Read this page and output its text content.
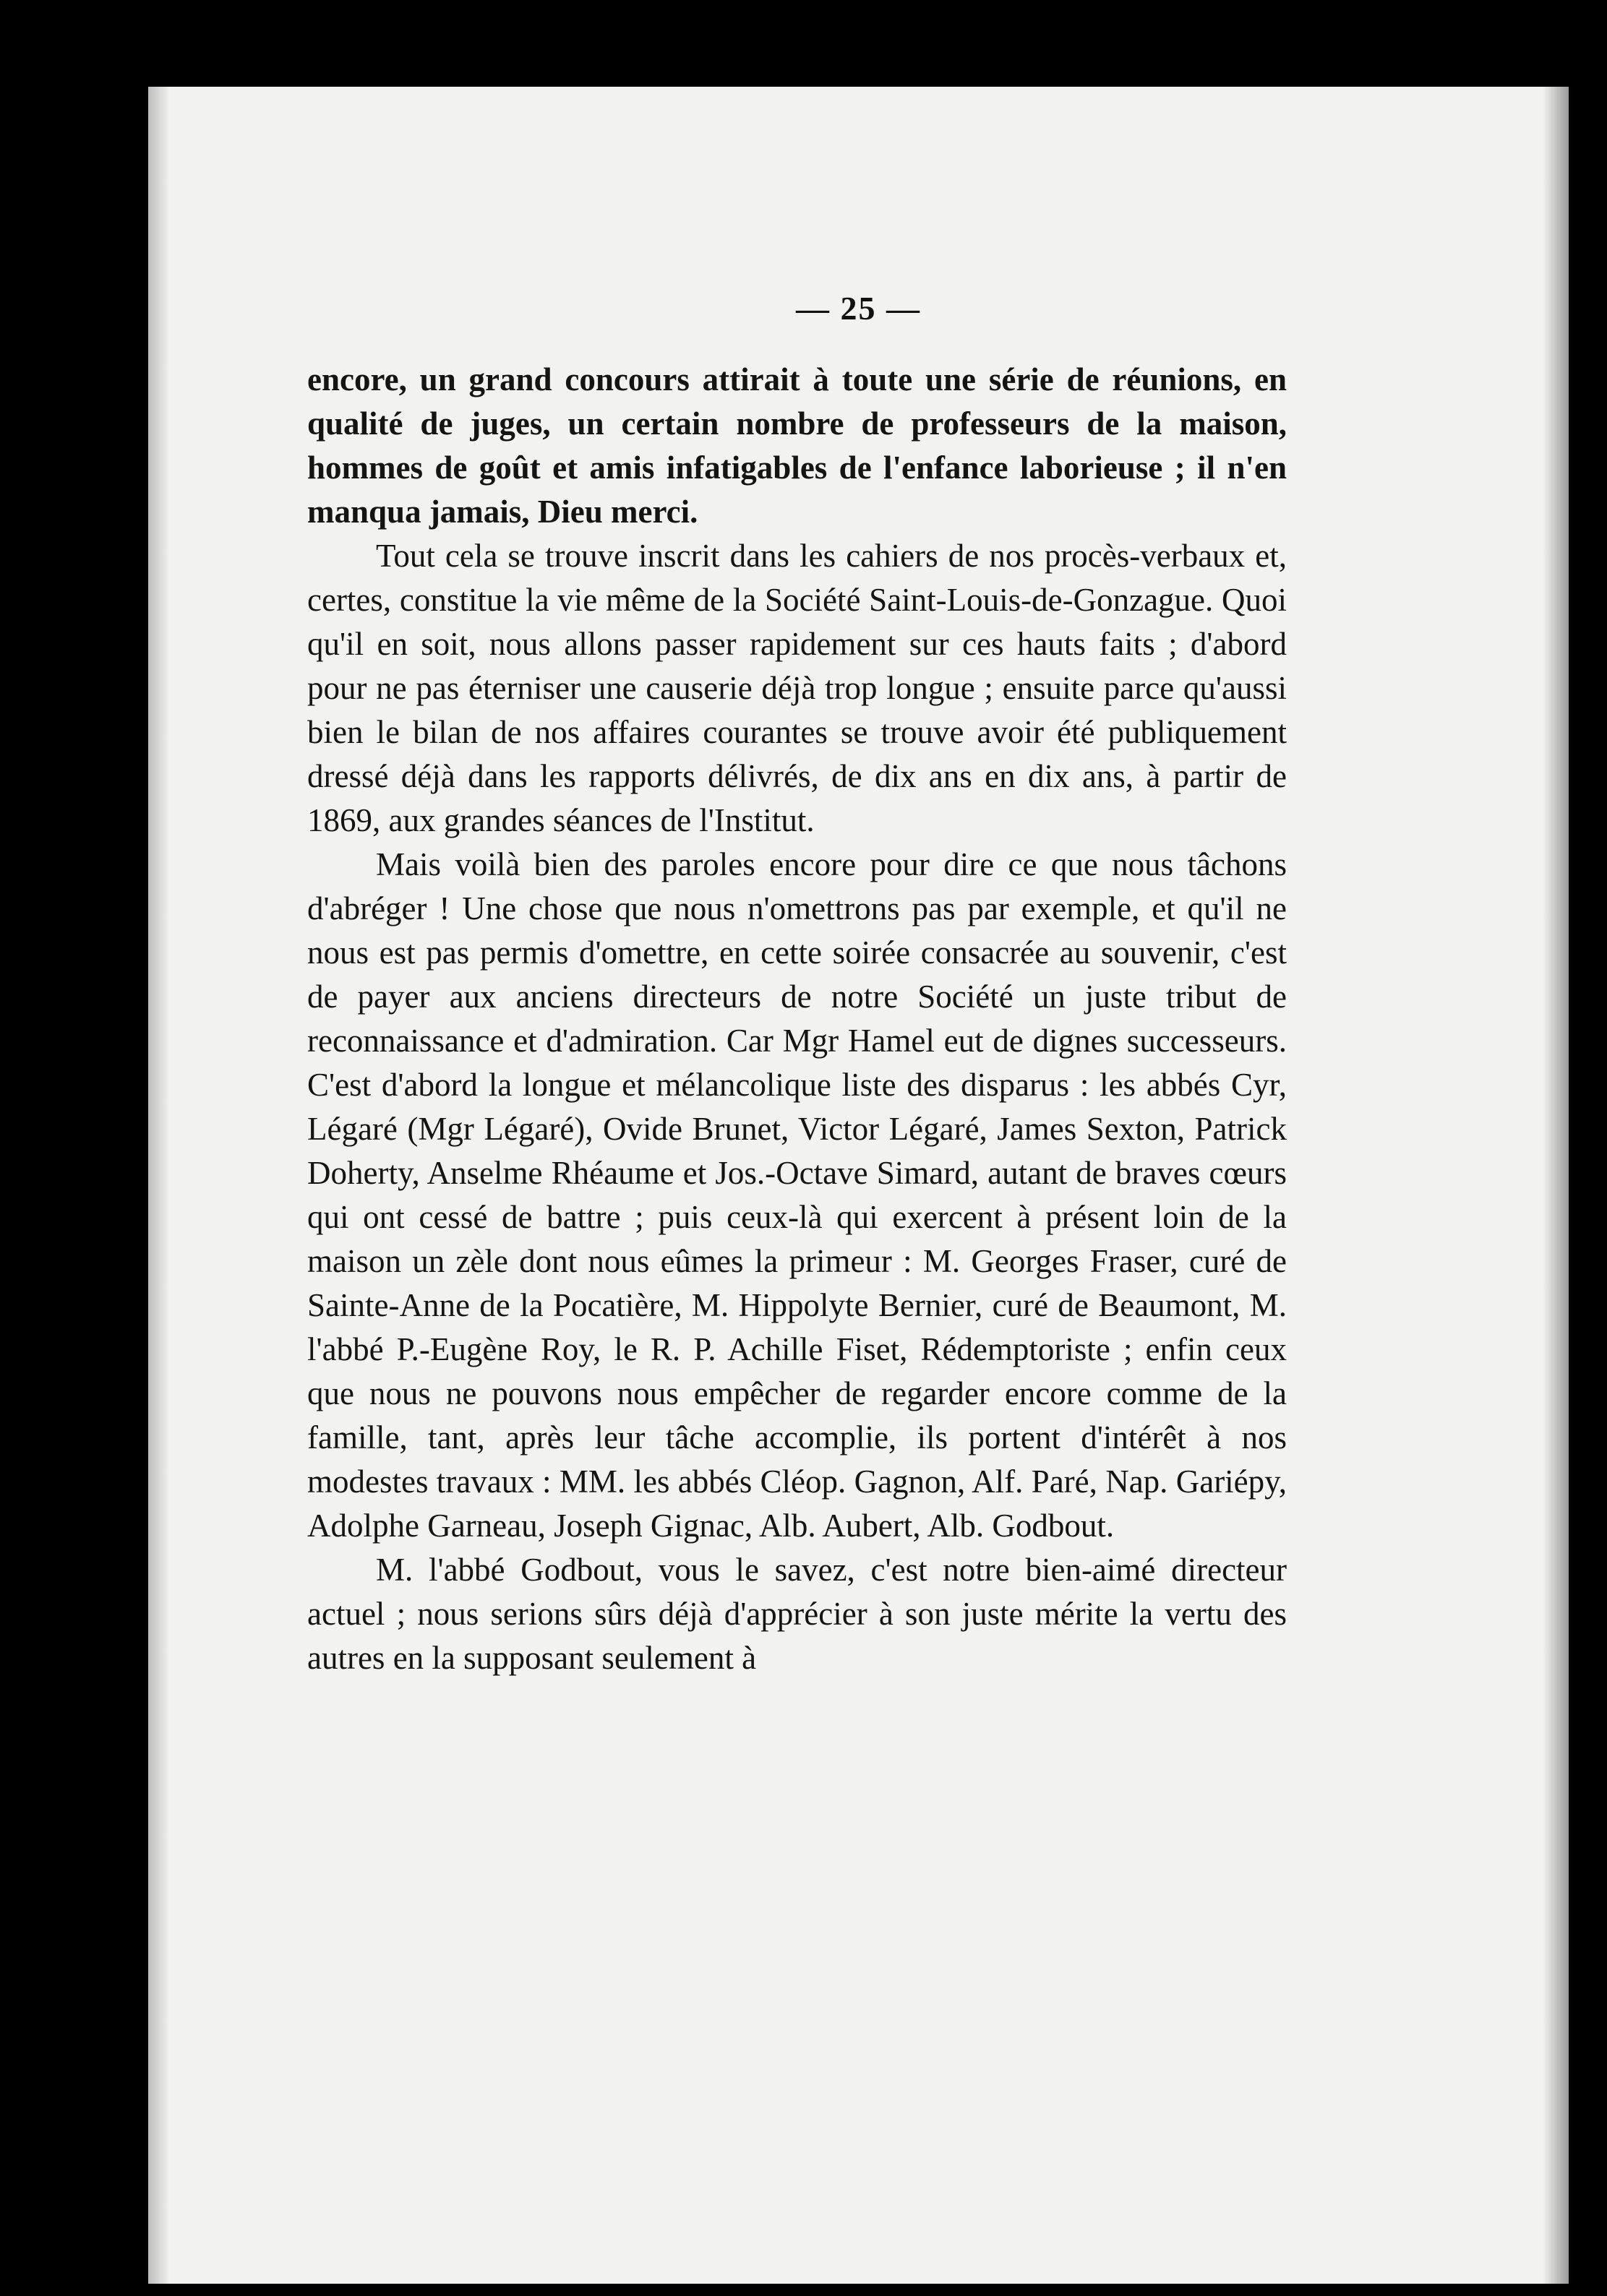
— 25 —

encore, un grand concours attirait à toute une série de réunions, en qualité de juges, un certain nombre de professeurs de la maison, hommes de goût et amis infatigables de l'enfance laborieuse ; il n'en manqua jamais, Dieu merci.

Tout cela se trouve inscrit dans les cahiers de nos procès-verbaux et, certes, constitue la vie même de la Société Saint-Louis-de-Gonzague. Quoi qu'il en soit, nous allons passer rapidement sur ces hauts faits ; d'abord pour ne pas éterniser une causerie déjà trop longue ; ensuite parce qu'aussi bien le bilan de nos affaires courantes se trouve avoir été publiquement dressé déjà dans les rapports délivrés, de dix ans en dix ans, à partir de 1869, aux grandes séances de l'Institut.

Mais voilà bien des paroles encore pour dire ce que nous tâchons d'abréger ! Une chose que nous n'omettrons pas par exemple, et qu'il ne nous est pas permis d'omettre, en cette soirée consacrée au souvenir, c'est de payer aux anciens directeurs de notre Société un juste tribut de reconnaissance et d'admiration. Car Mgr Hamel eut de dignes successeurs. C'est d'abord la longue et mélancolique liste des disparus : les abbés Cyr, Légaré (Mgr Légaré), Ovide Brunet, Victor Légaré, James Sexton, Patrick Doherty, Anselme Rhéaume et Jos.-Octave Simard, autant de braves cœurs qui ont cessé de battre ; puis ceux-là qui exercent à présent loin de la maison un zèle dont nous eûmes la primeur : M. Georges Fraser, curé de Sainte-Anne de la Pocatière, M. Hippolyte Bernier, curé de Beaumont, M. l'abbé P.-Eugène Roy, le R. P. Achille Fiset, Rédemptoriste ; enfin ceux que nous ne pouvons nous empêcher de regarder encore comme de la famille, tant, après leur tâche accomplie, ils portent d'intérêt à nos modestes travaux : MM. les abbés Cléop. Gagnon, Alf. Paré, Nap. Gariépy, Adolphe Garneau, Joseph Gignac, Alb. Aubert, Alb. Godbout.

M. l'abbé Godbout, vous le savez, c'est notre bien-aimé directeur actuel ; nous serions sûrs déjà d'apprécier à son juste mérite la vertu des autres en la supposant seulement à
